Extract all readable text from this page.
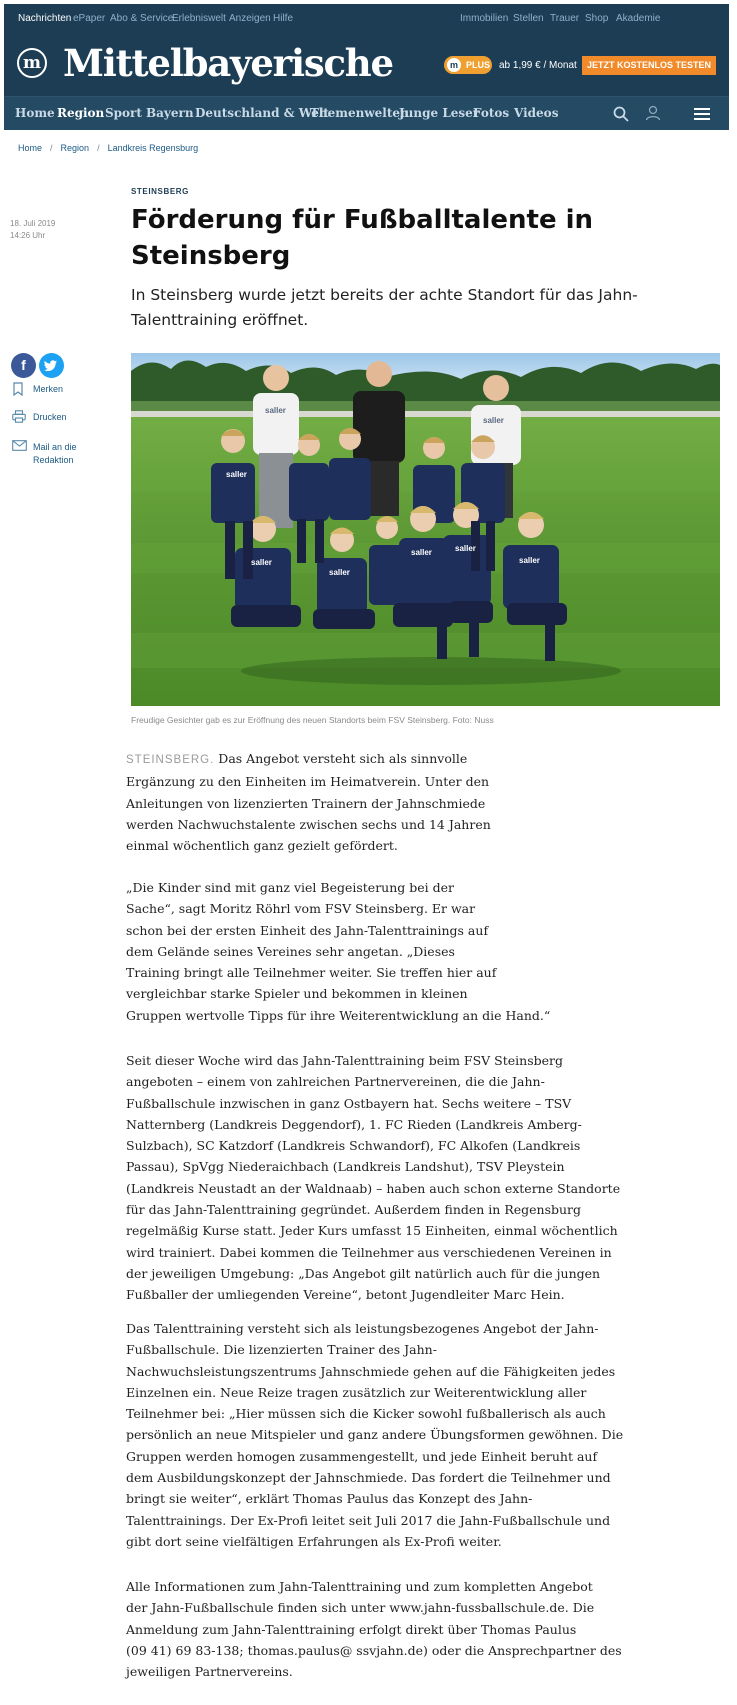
Nachrichten ePaper Abo & Service
Erlebniswelt Anzeigen Hilfe	Immobilien Stellen Trauer Shop Akademie
m Mittelbayerische	m PLUS ab 1,99 € / Monat	JETZT KOSTENLOS TESTEN
Home Region Sport Bayern Deutschland & Welt
Themenwelten
Junge Leser
Fotos Videos
Home / Region / Landkreis Regensburg
18. Juli 2019
14:26 Uhr
f
Merken
Drucken
Mail an die Redaktion
STEINSBERG
Förderung für Fußballtalente in Steinsberg

In Steinsberg wurde jetzt bereits der achte Standort für das Jahn-Talenttraining eröffnet.

saller
saller
saller
saller
saller
saller	saller
saller
Freudige Gesichter gab es zur Eröffnung des neuen Standorts beim FSV Steinsberg. Foto: Nuss
STEINSBERG. Das Angebot versteht sich als sinnvolle
Ergänzung zu den Einheiten im Heimatverein. Unter den
Anleitungen von lizenzierten Trainern der Jahnschmiede
werden Nachwuchstalente zwischen sechs und 14 Jahren
einmal wöchentlich ganz gezielt gefördert.
„Die Kinder sind mit ganz viel Begeisterung bei der
Sache“, sagt Moritz Röhrl vom FSV Steinsberg. Er war
schon bei der ersten Einheit des Jahn-Talenttrainings auf
dem Gelände seines Vereines sehr angetan. „Dieses
Training bringt alle Teilnehmer weiter. Sie treffen hier auf
vergleichbar starke Spieler und bekommen in kleinen
Gruppen wertvolle Tipps für ihre Weiterentwicklung an die Hand.“
Seit dieser Woche wird das Jahn-Talenttraining beim FSV Steinsberg
angeboten – einem von zahlreichen Partnervereinen, die die Jahn-
Fußballschule inzwischen in ganz Ostbayern hat. Sechs weitere – TSV
Natternberg (Landkreis Deggendorf), 1. FC Rieden (Landkreis Amberg-
Sulzbach), SC Katzdorf (Landkreis Schwandorf), FC Alkofen (Landkreis
Passau), SpVgg Niederaichbach (Landkreis Landshut), TSV Pleystein
(Landkreis Neustadt an der Waldnaab) – haben auch schon externe Standorte
für das Jahn-Talenttraining gegründet. Außerdem finden in Regensburg
regelmäßig Kurse statt. Jeder Kurs umfasst 15 Einheiten, einmal wöchentlich
wird trainiert. Dabei kommen die Teilnehmer aus verschiedenen Vereinen in
der jeweiligen Umgebung: „Das Angebot gilt natürlich auch für die jungen
Fußballer der umliegenden Vereine“, betont Jugendleiter Marc Hein.
Das Talenttraining versteht sich als leistungsbezogenes Angebot der Jahn-
Fußballschule. Die lizenzierten Trainer des Jahn-
Nachwuchsleistungszentrums Jahnschmiede gehen auf die Fähigkeiten jedes
Einzelnen ein. Neue Reize tragen zusätzlich zur Weiterentwicklung aller
Teilnehmer bei: „Hier müssen sich die Kicker sowohl fußballerisch als auch
persönlich an neue Mitspieler und ganz andere Übungsformen gewöhnen. Die
Gruppen werden homogen zusammengestellt, und jede Einheit beruht auf
dem Ausbildungskonzept der Jahnschmiede. Das fordert die Teilnehmer und
bringt sie weiter“, erklärt Thomas Paulus das Konzept des Jahn-
Talenttrainings. Der Ex-Profi leitet seit Juli 2017 die Jahn-Fußballschule und
gibt dort seine vielfältigen Erfahrungen als Ex-Profi weiter.
Alle Informationen zum Jahn-Talenttraining und zum kompletten Angebot
der Jahn-Fußballschule finden sich unter www.jahn-fussballschule.de. Die
Anmeldung zum Jahn-Talenttraining erfolgt direkt über Thomas Paulus
(09 41) 69 83-138; thomas.paulus@ ssvjahn.de) oder die Ansprechpartner des
jeweiligen Partnervereins.
